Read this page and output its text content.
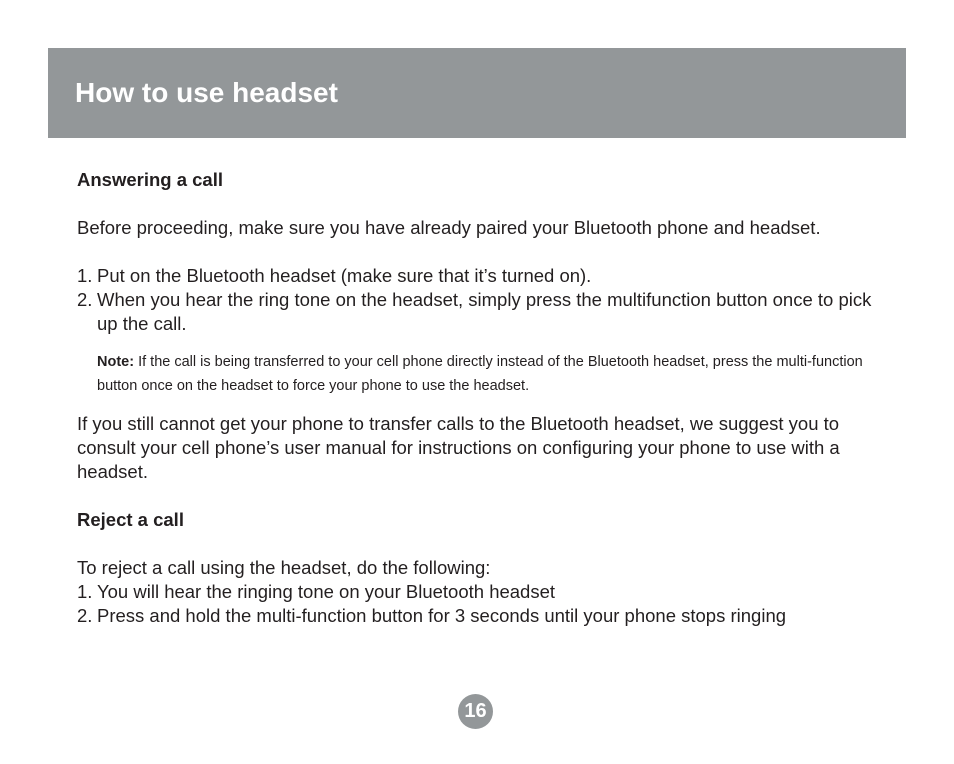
How to use headset
Answering a call

Before proceeding, make sure you have already paired your Bluetooth phone and headset.

1. Put on the Bluetooth headset (make sure that it’s turned on).
2. When you hear the ring tone on the headset, simply press the multifunction button once to pick up the call.

Note: If the call is being transferred to your cell phone directly instead of the Bluetooth headset, press the multi-function button once on the headset to force your phone to use the headset.

If you still cannot get your phone to transfer calls to the Bluetooth headset, we suggest you to consult your cell phone’s user manual for instructions on configuring your phone to use with a headset.

Reject a call

To reject a call using the headset, do the following:

1. You will hear the ringing tone on your Bluetooth headset
2. Press and hold the multi-function button for 3 seconds until your phone stops ringing
16
